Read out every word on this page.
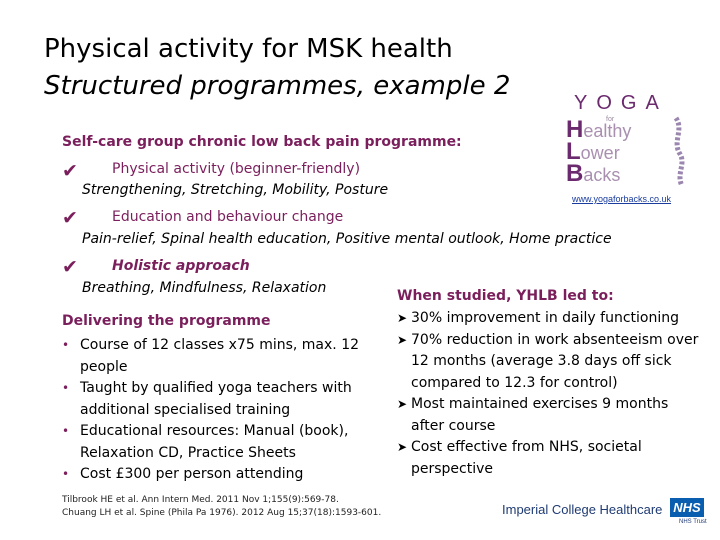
Physical activity for MSK health
Structured programmes, example 2
YOGA
for
Healthy
Lower
Backs
www.yogaforbacks.co.uk
Self-care group chronic low back pain programme:
✔ Physical activity (beginner-friendly)
Strengthening, Stretching, Mobility, Posture
✔ Education and behaviour change
Pain-relief, Spinal health education, Positive mental outlook, Home practice
✔ Holistic approach
Breathing, Mindfulness, Relaxation
Delivering the programme
• Course of 12 classes x75 mins, max. 12 people
• Taught by qualified yoga teachers with additional specialised training
• Educational resources: Manual (book), Relaxation CD, Practice Sheets
• Cost £300 per person attending
When studied, YHLB led to:
➤ 30% improvement in daily functioning
➤ 70% reduction in work absenteeism over 12 months (average 3.8 days off sick compared to 12.3 for control)
➤ Most maintained exercises 9 months after course
➤ Cost effective from NHS, societal perspective
Tilbrook HE et al. Ann Intern Med. 2011 Nov 1;155(9):569-78.
Chuang LH et al. Spine (Phila Pa 1976). 2012 Aug 15;37(18):1593-601.	Imperial College Healthcare NHS
NHS Trust
